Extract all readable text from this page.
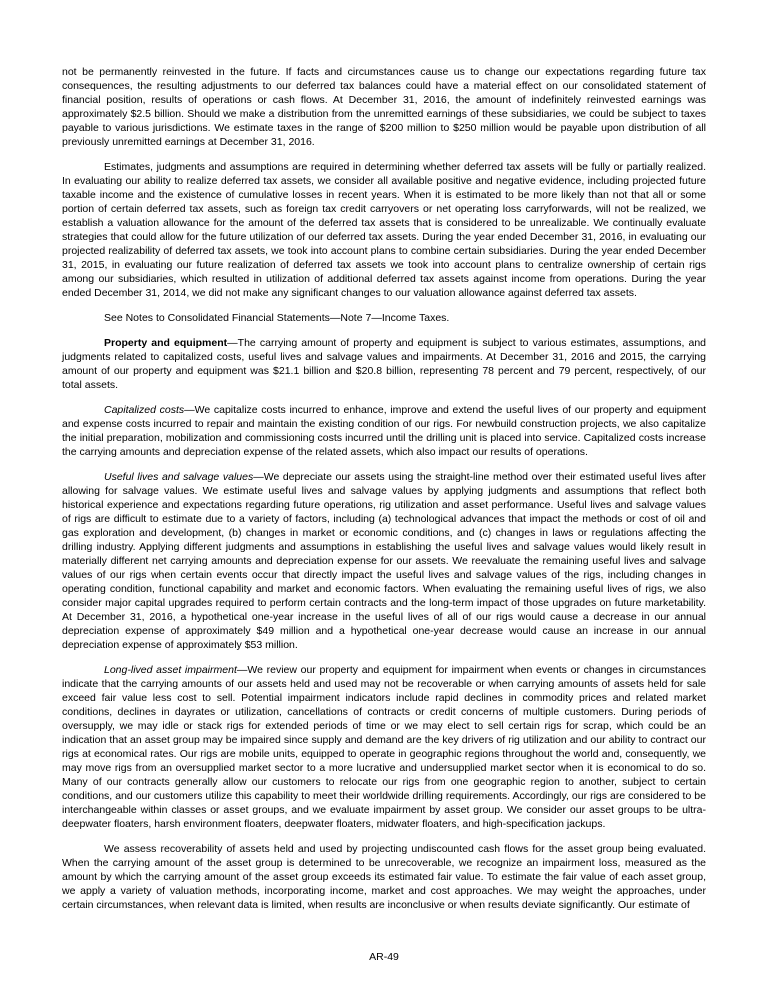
not be permanently reinvested in the future. If facts and circumstances cause us to change our expectations regarding future tax consequences, the resulting adjustments to our deferred tax balances could have a material effect on our consolidated statement of financial position, results of operations or cash flows. At December 31, 2016, the amount of indefinitely reinvested earnings was approximately $2.5 billion. Should we make a distribution from the unremitted earnings of these subsidiaries, we could be subject to taxes payable to various jurisdictions. We estimate taxes in the range of $200 million to $250 million would be payable upon distribution of all previously unremitted earnings at December 31, 2016.

Estimates, judgments and assumptions are required in determining whether deferred tax assets will be fully or partially realized. In evaluating our ability to realize deferred tax assets, we consider all available positive and negative evidence, including projected future taxable income and the existence of cumulative losses in recent years. When it is estimated to be more likely than not that all or some portion of certain deferred tax assets, such as foreign tax credit carryovers or net operating loss carryforwards, will not be realized, we establish a valuation allowance for the amount of the deferred tax assets that is considered to be unrealizable. We continually evaluate strategies that could allow for the future utilization of our deferred tax assets. During the year ended December 31, 2016, in evaluating our projected realizability of deferred tax assets, we took into account plans to combine certain subsidiaries. During the year ended December 31, 2015, in evaluating our future realization of deferred tax assets we took into account plans to centralize ownership of certain rigs among our subsidiaries, which resulted in utilization of additional deferred tax assets against income from operations. During the year ended December 31, 2014, we did not make any significant changes to our valuation allowance against deferred tax assets.

See Notes to Consolidated Financial Statements—Note 7—Income Taxes.

Property and equipment—The carrying amount of property and equipment is subject to various estimates, assumptions, and judgments related to capitalized costs, useful lives and salvage values and impairments. At December 31, 2016 and 2015, the carrying amount of our property and equipment was $21.1 billion and $20.8 billion, representing 78 percent and 79 percent, respectively, of our total assets.

Capitalized costs—We capitalize costs incurred to enhance, improve and extend the useful lives of our property and equipment and expense costs incurred to repair and maintain the existing condition of our rigs. For newbuild construction projects, we also capitalize the initial preparation, mobilization and commissioning costs incurred until the drilling unit is placed into service. Capitalized costs increase the carrying amounts and depreciation expense of the related assets, which also impact our results of operations.

Useful lives and salvage values—We depreciate our assets using the straight-line method over their estimated useful lives after allowing for salvage values. We estimate useful lives and salvage values by applying judgments and assumptions that reflect both historical experience and expectations regarding future operations, rig utilization and asset performance. Useful lives and salvage values of rigs are difficult to estimate due to a variety of factors, including (a) technological advances that impact the methods or cost of oil and gas exploration and development, (b) changes in market or economic conditions, and (c) changes in laws or regulations affecting the drilling industry. Applying different judgments and assumptions in establishing the useful lives and salvage values would likely result in materially different net carrying amounts and depreciation expense for our assets. We reevaluate the remaining useful lives and salvage values of our rigs when certain events occur that directly impact the useful lives and salvage values of the rigs, including changes in operating condition, functional capability and market and economic factors. When evaluating the remaining useful lives of rigs, we also consider major capital upgrades required to perform certain contracts and the long-term impact of those upgrades on future marketability. At December 31, 2016, a hypothetical one-year increase in the useful lives of all of our rigs would cause a decrease in our annual depreciation expense of approximately $49 million and a hypothetical one-year decrease would cause an increase in our annual depreciation expense of approximately $53 million.

Long-lived asset impairment—We review our property and equipment for impairment when events or changes in circumstances indicate that the carrying amounts of our assets held and used may not be recoverable or when carrying amounts of assets held for sale exceed fair value less cost to sell. Potential impairment indicators include rapid declines in commodity prices and related market conditions, declines in dayrates or utilization, cancellations of contracts or credit concerns of multiple customers. During periods of oversupply, we may idle or stack rigs for extended periods of time or we may elect to sell certain rigs for scrap, which could be an indication that an asset group may be impaired since supply and demand are the key drivers of rig utilization and our ability to contract our rigs at economical rates. Our rigs are mobile units, equipped to operate in geographic regions throughout the world and, consequently, we may move rigs from an oversupplied market sector to a more lucrative and undersupplied market sector when it is economical to do so. Many of our contracts generally allow our customers to relocate our rigs from one geographic region to another, subject to certain conditions, and our customers utilize this capability to meet their worldwide drilling requirements. Accordingly, our rigs are considered to be interchangeable within classes or asset groups, and we evaluate impairment by asset group. We consider our asset groups to be ultra-deepwater floaters, harsh environment floaters, deepwater floaters, midwater floaters, and high-specification jackups.

We assess recoverability of assets held and used by projecting undiscounted cash flows for the asset group being evaluated. When the carrying amount of the asset group is determined to be unrecoverable, we recognize an impairment loss, measured as the amount by which the carrying amount of the asset group exceeds its estimated fair value. To estimate the fair value of each asset group, we apply a variety of valuation methods, incorporating income, market and cost approaches. We may weight the approaches, under certain circumstances, when relevant data is limited, when results are inconclusive or when results deviate significantly. Our estimate of

AR-49
